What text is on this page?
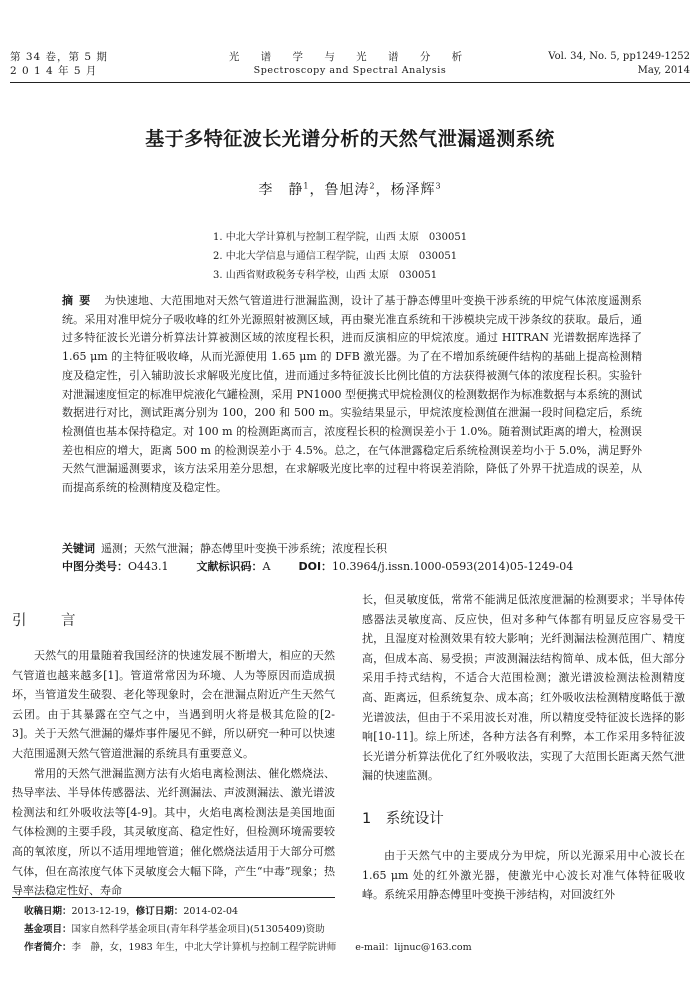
第 34 卷，第 5 期
2 0 1 4 年 5 月
光 谱 学 与 光 谱 分 析
Spectroscopy and Spectral Analysis
Vol. 34, No. 5, pp1249-1252
May, 2014
基于多特征波长光谱分析的天然气泄漏遥测系统
李　静$^1$，鲁旭涛$^2$，杨泽辉$^3$
1. 中北大学计算机与控制工程学院，山西 太原　030051
2. 中北大学信息与通信工程学院，山西 太原　030051
3. 山西省财政税务专科学校，山西 太原　030051
摘要 为快速地、大范围地对天然气管道进行泄漏监测，设计了基于静态傅里叶变换干涉系统的甲烷气体浓度遥测系统。采用对准甲烷分子吸收峰的红外光源照射被测区域，再由聚光准直系统和干涉模块完成干涉条纹的获取。最后，通过多特征波长光谱分析算法计算被测区域的浓度程长积，进而反演相应的甲烷浓度。通过 HITRAN 光谱数据库选择了 1.65 μm 的主特征吸收峰，从而光源使用 1.65 μm 的 DFB 激光器。为了在不增加系统硬件结构的基础上提高检测精度及稳定性，引入辅助波长求解吸光度比值，进而通过多特征波长比例比值的方法获得被测气体的浓度程长积。实验针对泄漏速度恒定的标准甲烷液化气罐检测，采用 PN1000 型便携式甲烷检测仪的检测数据作为标准数据与本系统的测试数据进行对比，测试距离分别为 100，200 和 500 m。实验结果显示，甲烷浓度检测值在泄漏一段时间稳定后，系统检测值也基本保持稳定。对 100 m 的检测距离而言，浓度程长积的检测误差小于 1.0%。随着测试距离的增大，检测误差也相应的增大，距离 500 m 的检测误差小于 4.5%。总之，在气体泄露稳定后系统检测误差均小于 5.0%，满足野外天然气泄漏遥测要求，该方法采用差分思想，在求解吸光度比率的过程中将误差消除，降低了外界干扰造成的误差，从而提高系统的检测精度及稳定性。
关键词 遥测；天然气泄漏；静态傅里叶变换干涉系统；浓度程长积
中图分类号：O443.1	文献标识码：A	DOI：10.3964/j.issn.1000-0593(2014)05-1249-04
引　言

天然气的用量随着我国经济的快速发展不断增大，相应的天然气管道也越来越多[1]。管道常常因为环境、人为等原因而造成损坏，当管道发生破裂、老化等现象时，会在泄漏点附近产生天然气云团。由于其暴露在空气之中，当遇到明火将是极其危险的[2-3]。关于天然气泄漏的爆炸事件屡见不鲜，所以研究一种可以快速大范围遥测天然气管道泄漏的系统具有重要意义。

常用的天然气泄漏监测方法有火焰电离检测法、催化燃烧法、热导率法、半导体传感器法、光纤测漏法、声波测漏法、激光谱波检测法和红外吸收法等[4-9]。其中，火焰电离检测法是美国地面气体检测的主要手段，其灵敏度高、稳定性好，但检测环境需要较高的氧浓度，所以不适用埋地管道；催化燃烧法适用于大部分可燃气体，但在高浓度气体下灵敏度会大幅下降，产生“中毒”现象；热导率法稳定性好、寿命

长，但灵敏度低，常常不能满足低浓度泄漏的检测要求；半导体传感器法灵敏度高、反应快，但对多种气体都有明显反应容易受干扰，且湿度对检测效果有较大影响；光纤测漏法检测范围广、精度高，但成本高、易受损；声波测漏法结构简单、成本低，但大部分采用手持式结构，不适合大范围检测；激光谱波检测法检测精度高、距离远，但系统复杂、成本高；红外吸收法检测精度略低于激光谱波法，但由于不采用波长对准，所以精度受特征波长选择的影响[10-11]。综上所述，各种方法各有利弊，本工作采用多特征波长光谱分析算法优化了红外吸收法，实现了大范围长距离天然气泄漏的快速监测。

1　系统设计

由于天然气中的主要成分为甲烷，所以光源采用中心波长在 1.65 μm 处的红外激光器，使激光中心波长对准气体特征吸收峰。系统采用静态傅里叶变换干涉结构，对回波红外

收稿日期：2013-12-19，修订日期：2014-02-04
基金项目：国家自然科学基金项目(青年科学基金项目)(51305409)资助
作者简介：李　静，女，1983 年生，中北大学计算机与控制工程学院讲师　　e-mail：lijnuc@163.com
